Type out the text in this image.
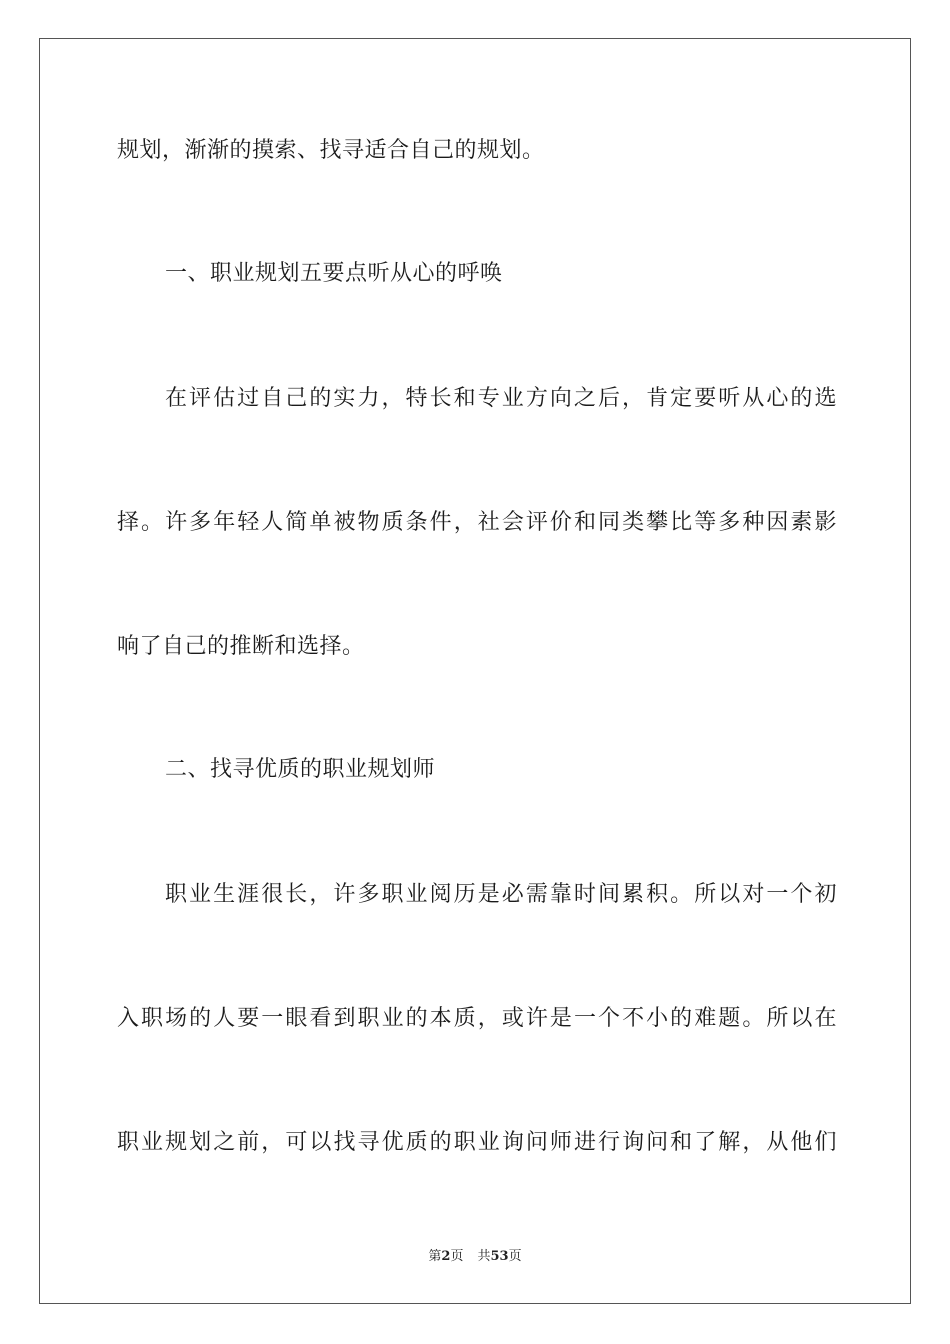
规划，渐渐的摸索、找寻适合自己的规划。
一、职业规划五要点听从心的呼唤
在评估过自己的实力，特长和专业方向之后，肯定要听从心的选
择。许多年轻人简单被物质条件，社会评价和同类攀比等多种因素影
响了自己的推断和选择。
二、找寻优质的职业规划师
职业生涯很长，许多职业阅历是必需靠时间累积。所以对一个初
入职场的人要一眼看到职业的本质，或许是一个不小的难题。所以在
职业规划之前，可以找寻优质的职业询问师进行询问和了解，从他们
第2页 共53页
